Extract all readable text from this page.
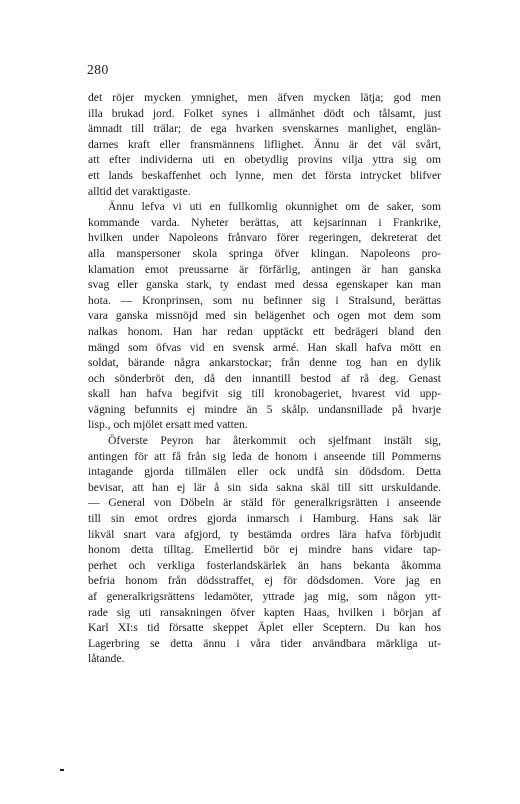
280
det röjer mycken ymnighet, men äfven mycken lätja; god men
illa brukad jord. Folket synes i allmänhet dödt och tålsamt, just
ämnadt till trälar; de ega hvarken svenskarnes manlighet, englän-
darnes kraft eller fransmännens liflighet. Ännu är det väl svårt,
att efter individerna uti en obetydlig provins vilja yttra sig om
ett lands beskaffenhet och lynne, men det första intrycket blifver
alltid det varaktigaste.
Ännu lefva vi uti en fullkomlig okunnighet om de saker, som
kommande varda. Nyheter berättas, att kejsarinnan i Frankrike,
hvilken under Napoleons frånvaro förer regeringen, dekreterat det
alla manspersoner skola springa öfver klingan. Napoleons pro-
klamation emot preussarne är förfärlig, antingen är han ganska
svag eller ganska stark, ty endast med dessa egenskaper kan man
hota. — Kronprinsen, som nu befinner sig i Stralsund, berättas
vara ganska missnöjd med sin belägenhet och ogen mot dem som
nalkas honom. Han har redan upptäckt ett bedrägeri bland den
mängd som öfvas vid en svensk armé. Han skall hafva mött en
soldat, bärande några ankarstockar; från denne tog han en dylik
och sönderbröt den, då den innantill bestod af rå deg. Genast
skall han hafva begifvit sig till kronobageriet, hvarest vid upp-
vägning befunnits ej mindre än 5 skålp. undansnillade på hvarje
lisp., och mjölet ersatt med vatten.
Öfverste Peyron har återkommit och sjelfmant instält sig,
antingen för att få från sig leda de honom i anseende till Pommerns
intagande gjorda tillmälen eller ock undfå sin dödsdom. Detta
bevisar, att han ej lär å sin sida sakna skäl till sitt urskuldande.
— General von Döbeln är stäld för generalkrigsrätten i anseende
till sin emot ordres gjorda inmarsch i Hamburg. Hans sak lär
likväl snart vara afgjord, ty bestämda ordres lära hafva förbjudit
honom detta tilltag. Emellertid bör ej mindre hans vidare tap-
perhet och verkliga fosterlandskärlek än hans bekanta åkomma
befria honom från dödsstraffet, ej för dödsdomen. Vore jag en
af generalkrigsrättens ledamöter, yttrade jag mig, som någon ytt-
rade sig uti ransakningen öfver kapten Haas, hvilken i början af
Karl XI:s tid försatte skeppet Äplet eller Sceptern. Du kan hos
Lagerbring se detta ännu i våra tider användbara märkliga ut-
låtande.
